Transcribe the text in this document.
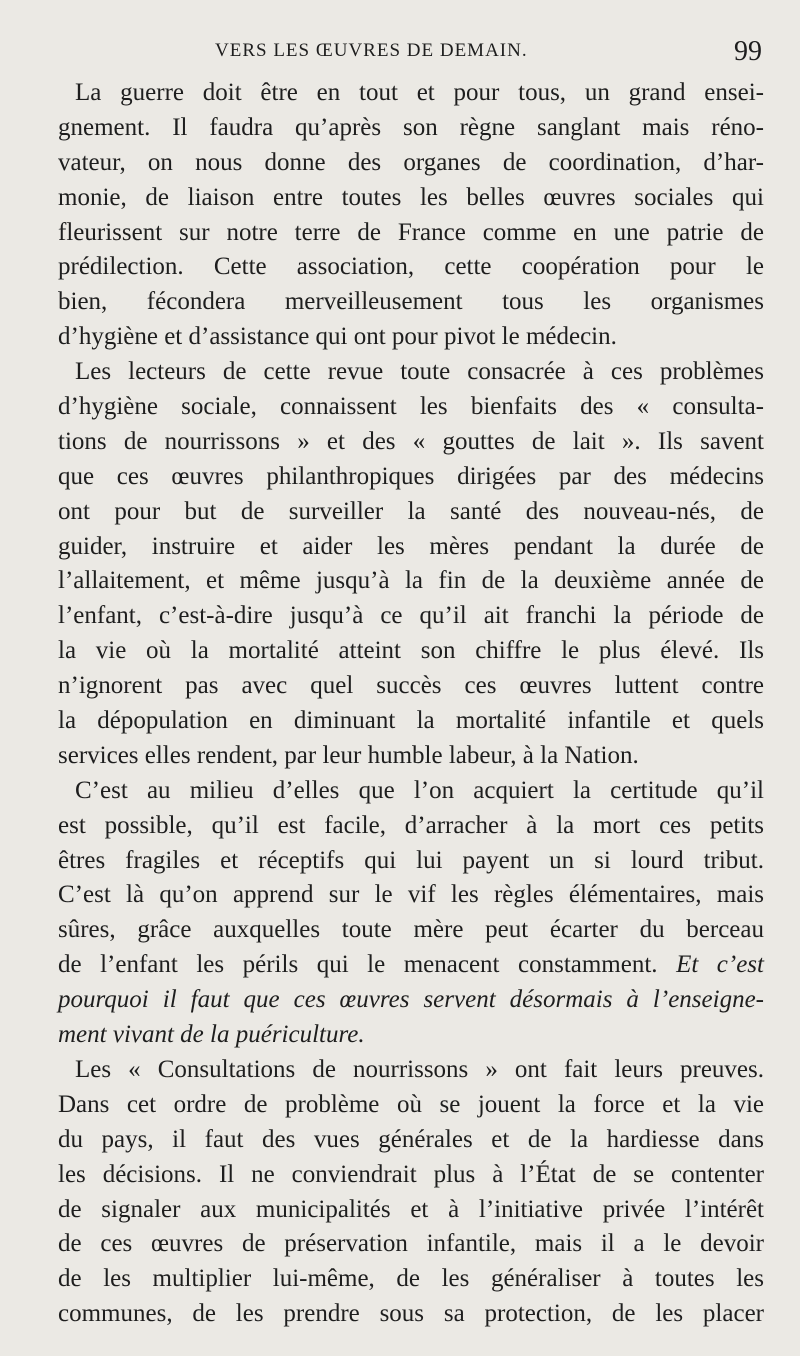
VERS LES ŒUVRES DE DEMAIN.	99
La guerre doit être en tout et pour tous, un grand ensei-
gnement. Il faudra qu’après son règne sanglant mais réno-
vateur, on nous donne des organes de coordination, d’har-
monie, de liaison entre toutes les belles œuvres sociales qui
fleurissent sur notre terre de France comme en une patrie de
prédilection. Cette association, cette coopération pour le
bien, fécondera merveilleusement tous les organismes
d’hygiène et d’assistance qui ont pour pivot le médecin.
Les lecteurs de cette revue toute consacrée à ces problèmes
d’hygiène sociale, connaissent les bienfaits des « consulta-
tions de nourrissons » et des « gouttes de lait ». Ils savent
que ces œuvres philanthropiques dirigées par des médecins
ont pour but de surveiller la santé des nouveau-nés, de
guider, instruire et aider les mères pendant la durée de
l’allaitement, et même jusqu’à la fin de la deuxième année de
l’enfant, c’est-à-dire jusqu’à ce qu’il ait franchi la période de
la vie où la mortalité atteint son chiffre le plus élevé. Ils
n’ignorent pas avec quel succès ces œuvres luttent contre
la dépopulation en diminuant la mortalité infantile et quels
services elles rendent, par leur humble labeur, à la Nation.
C’est au milieu d’elles que l’on acquiert la certitude qu’il
est possible, qu’il est facile, d’arracher à la mort ces petits
êtres fragiles et réceptifs qui lui payent un si lourd tribut.
C’est là qu’on apprend sur le vif les règles élémentaires, mais
sûres, grâce auxquelles toute mère peut écarter du berceau
de l’enfant les périls qui le menacent constamment. Et c’est
pourquoi il faut que ces œuvres servent désormais à l’enseigne-
ment vivant de la puériculture.
Les « Consultations de nourrissons » ont fait leurs preuves.
Dans cet ordre de problème où se jouent la force et la vie
du pays, il faut des vues générales et de la hardiesse dans
les décisions. Il ne conviendrait plus à l’État de se contenter
de signaler aux municipalités et à l’initiative privée l’intérêt
de ces œuvres de préservation infantile, mais il a le devoir
de les multiplier lui-même, de les généraliser à toutes les
communes, de les prendre sous sa protection, de les placer
